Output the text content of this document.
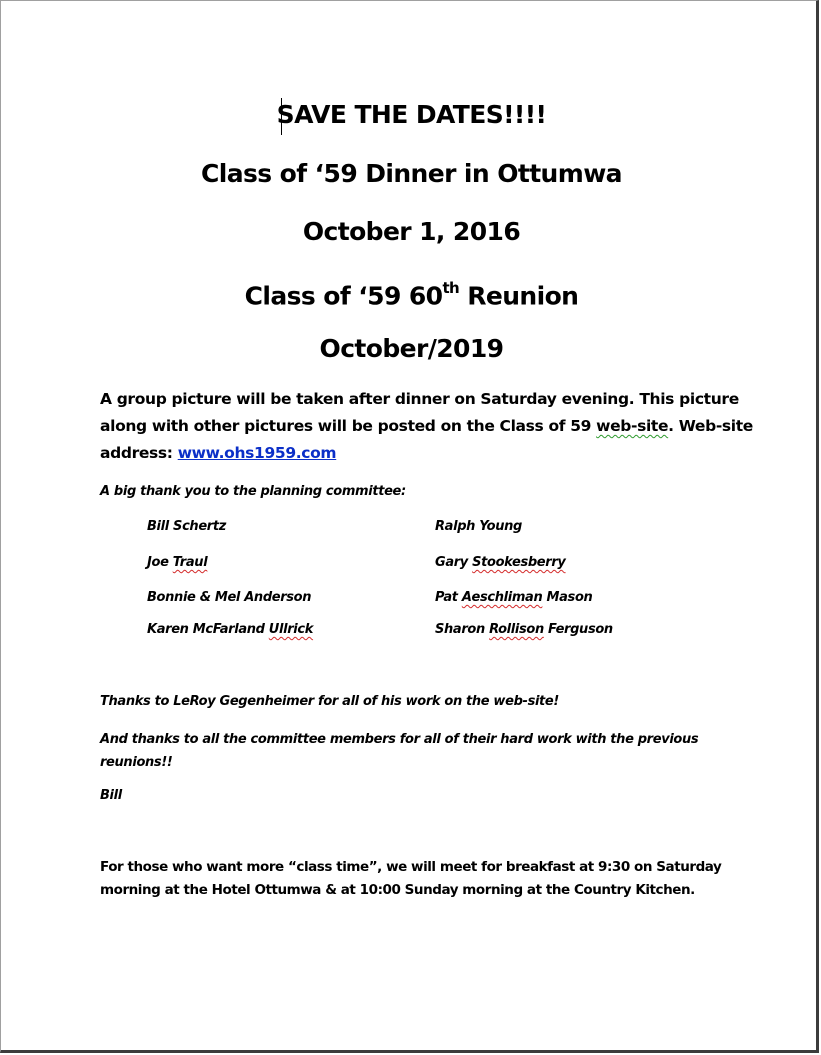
SAVE THE DATES!!!!
Class of ‘59 Dinner in Ottumwa
October 1, 2016
Class of ‘59 60th Reunion
October/2019
A group picture will be taken after dinner on Saturday evening. This picture
along with other pictures will be posted on the Class of 59 web-site. Web-site
address: www.ohs1959.com
A big thank you to the planning committee:
Bill Schertz	Ralph Young
Joe Traul	Gary Stookesberry
Bonnie & Mel Anderson	Pat Aeschliman Mason
Karen McFarland Ullrick	Sharon Rollison Ferguson
Thanks to LeRoy Gegenheimer for all of his work on the web-site!
And thanks to all the committee members for all of their hard work with the previous reunions!!
Bill
For those who want more “class time”, we will meet for breakfast at 9:30 on Saturday
morning at the Hotel Ottumwa & at 10:00 Sunday morning at the Country Kitchen.
